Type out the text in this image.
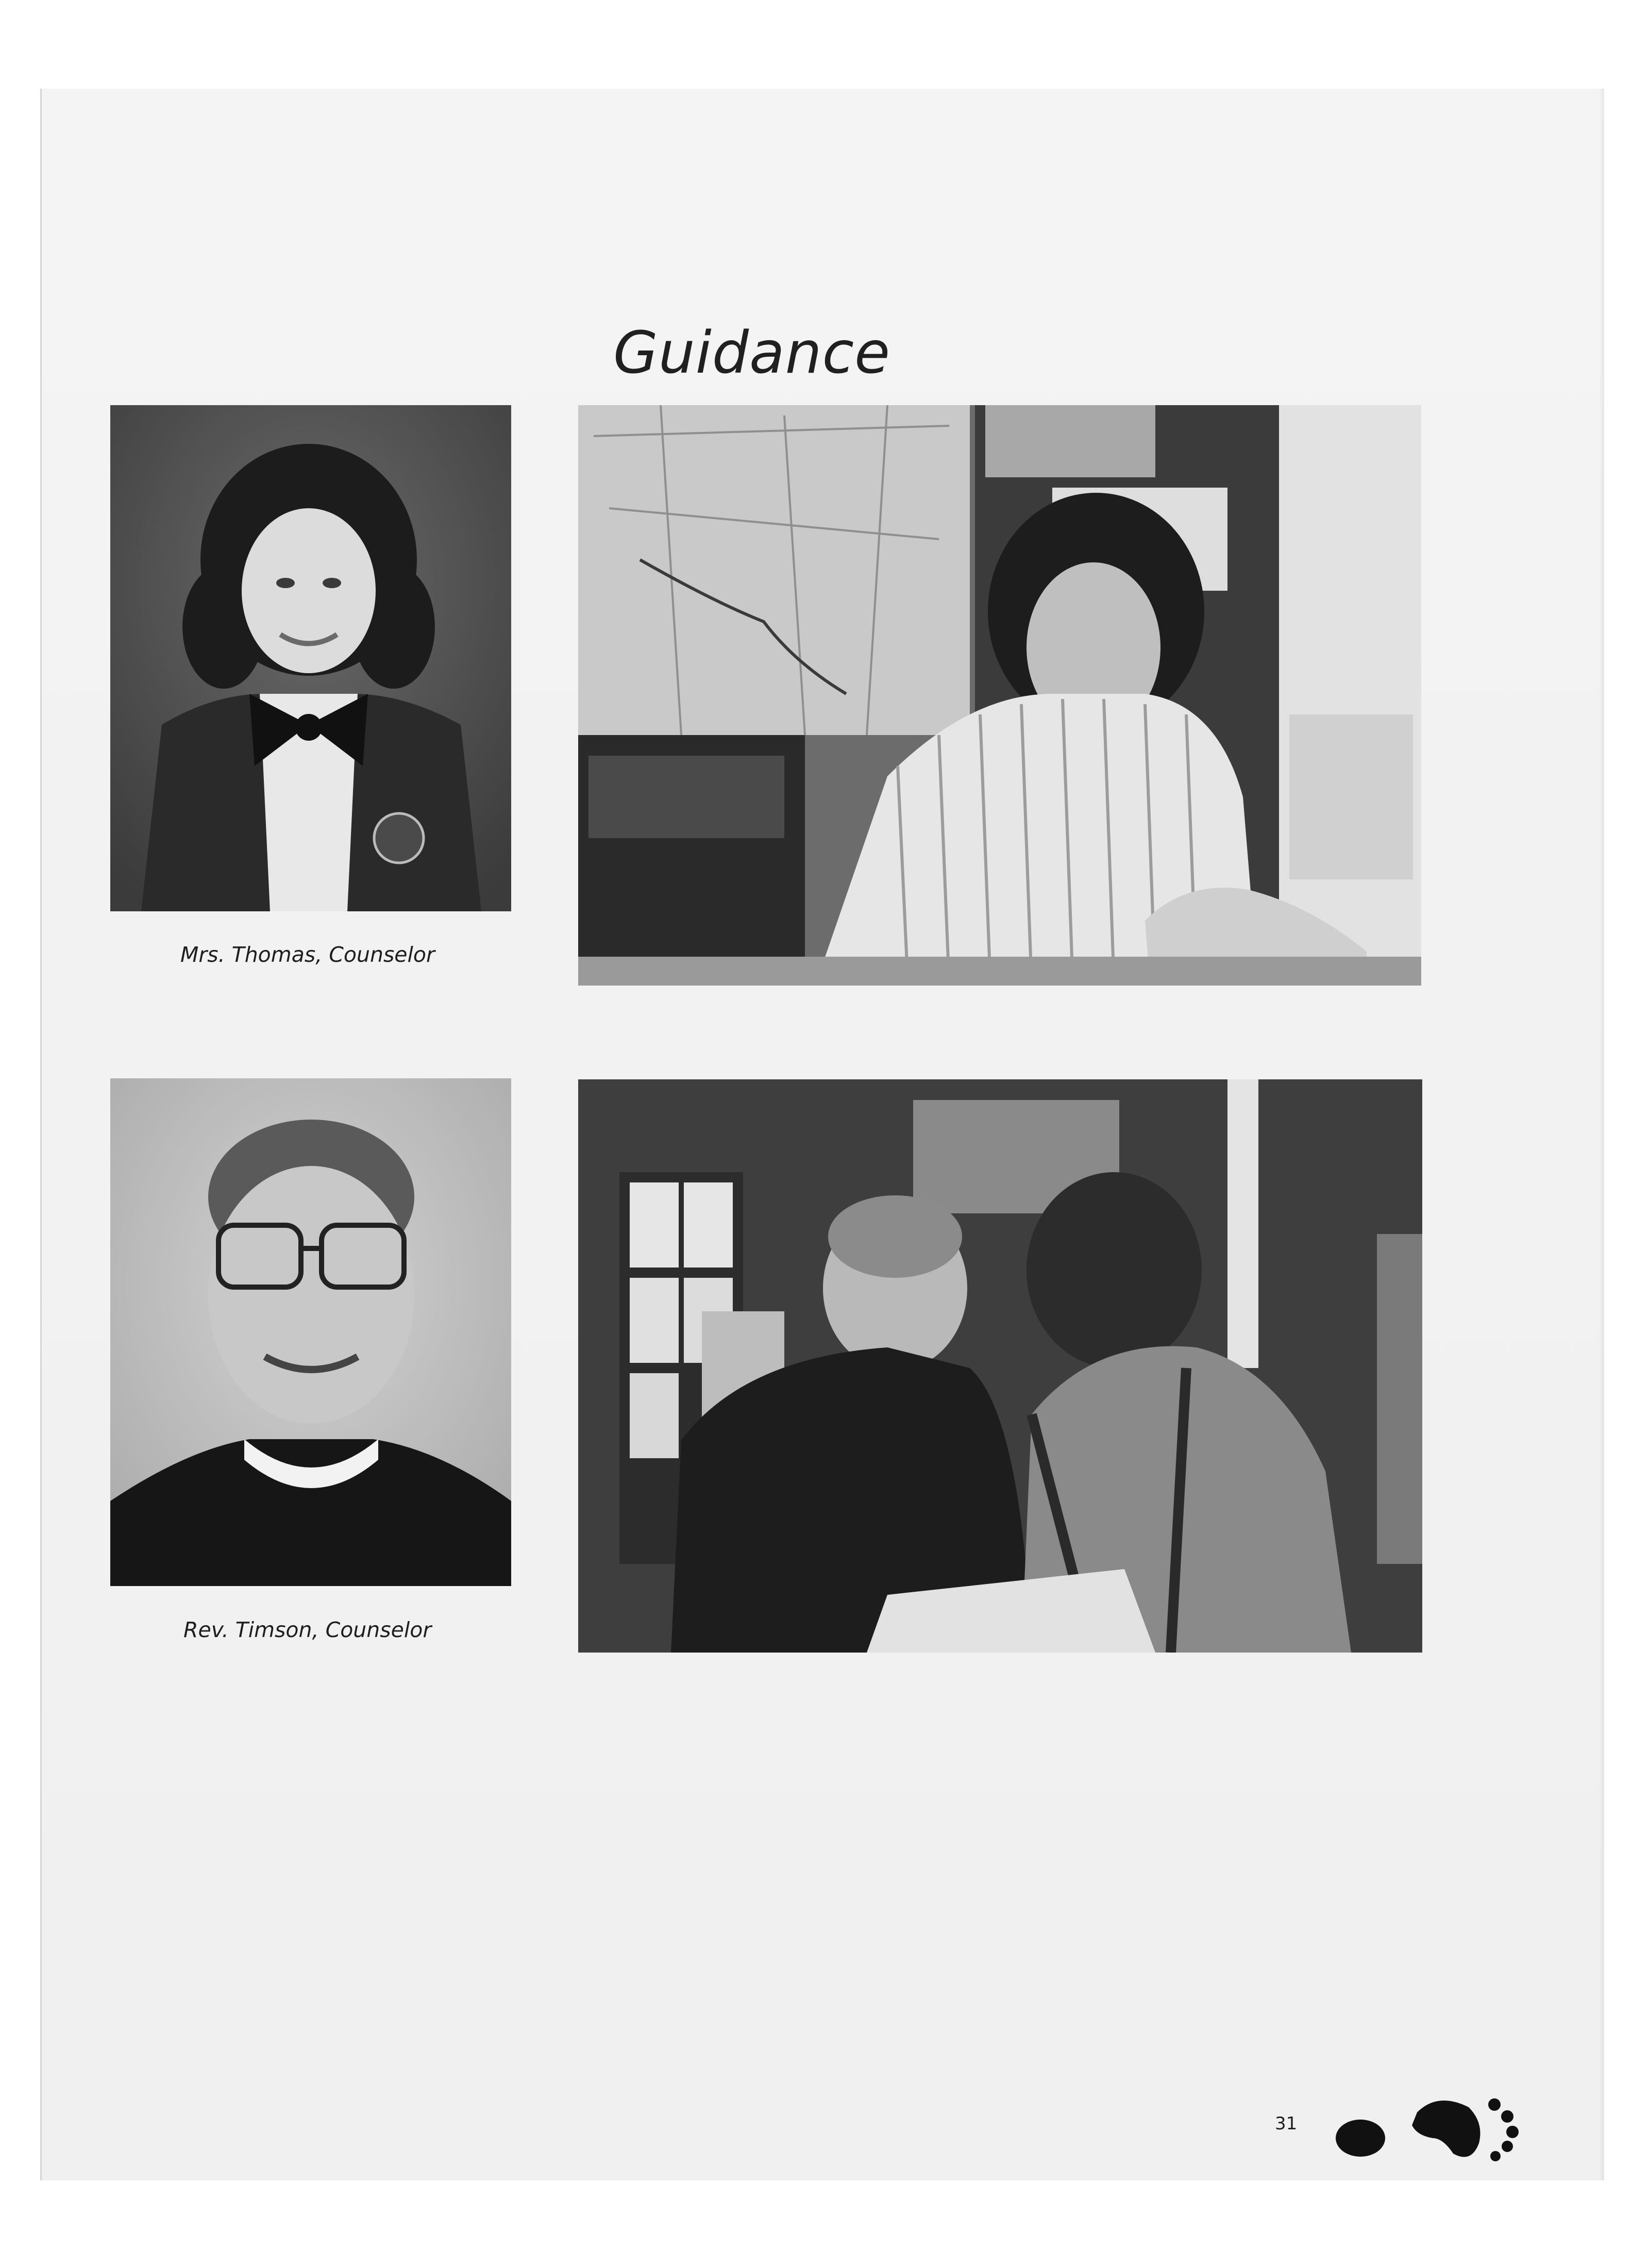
Guidance
Mrs. Thomas, Counselor
Rev. Timson, Counselor
31
